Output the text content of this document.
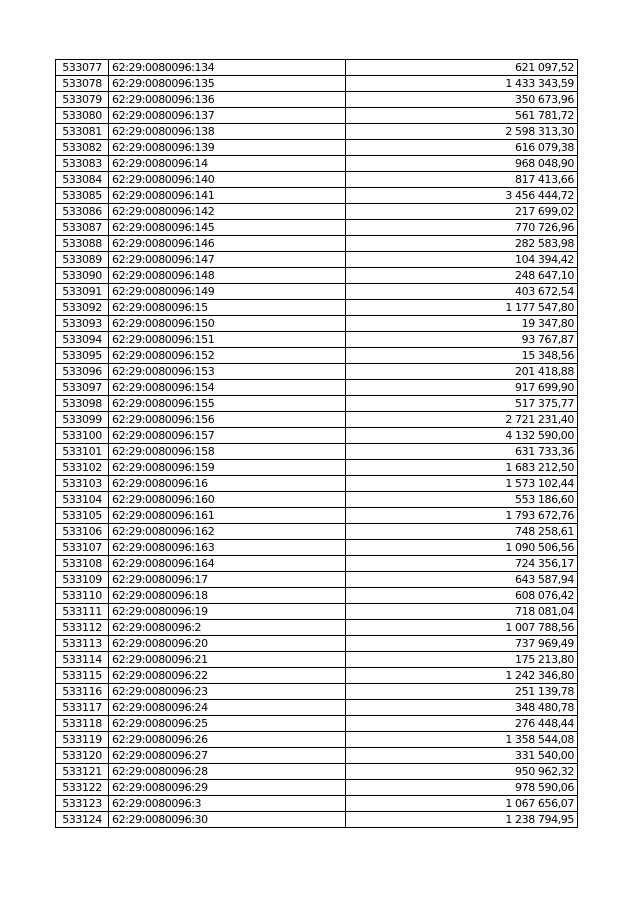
533077	62:29:0080096:134	621 097,52
533078	62:29:0080096:135	1 433 343,59
533079	62:29:0080096:136	350 673,96
533080	62:29:0080096:137	561 781,72
533081	62:29:0080096:138	2 598 313,30
533082	62:29:0080096:139	616 079,38
533083	62:29:0080096:14	968 048,90
533084	62:29:0080096:140	817 413,66
533085	62:29:0080096:141	3 456 444,72
533086	62:29:0080096:142	217 699,02
533087	62:29:0080096:145	770 726,96
533088	62:29:0080096:146	282 583,98
533089	62:29:0080096:147	104 394,42
533090	62:29:0080096:148	248 647,10
533091	62:29:0080096:149	403 672,54
533092	62:29:0080096:15	1 177 547,80
533093	62:29:0080096:150	19 347,80
533094	62:29:0080096:151	93 767,87
533095	62:29:0080096:152	15 348,56
533096	62:29:0080096:153	201 418,88
533097	62:29:0080096:154	917 699,90
533098	62:29:0080096:155	517 375,77
533099	62:29:0080096:156	2 721 231,40
533100	62:29:0080096:157	4 132 590,00
533101	62:29:0080096:158	631 733,36
533102	62:29:0080096:159	1 683 212,50
533103	62:29:0080096:16	1 573 102,44
533104	62:29:0080096:160	553 186,60
533105	62:29:0080096:161	1 793 672,76
533106	62:29:0080096:162	748 258,61
533107	62:29:0080096:163	1 090 506,56
533108	62:29:0080096:164	724 356,17
533109	62:29:0080096:17	643 587,94
533110	62:29:0080096:18	608 076,42
533111	62:29:0080096:19	718 081,04
533112	62:29:0080096:2	1 007 788,56
533113	62:29:0080096:20	737 969,49
533114	62:29:0080096:21	175 213,80
533115	62:29:0080096:22	1 242 346,80
533116	62:29:0080096:23	251 139,78
533117	62:29:0080096:24	348 480,78
533118	62:29:0080096:25	276 448,44
533119	62:29:0080096:26	1 358 544,08
533120	62:29:0080096:27	331 540,00
533121	62:29:0080096:28	950 962,32
533122	62:29:0080096:29	978 590,06
533123	62:29:0080096:3	1 067 656,07
533124	62:29:0080096:30	1 238 794,95
